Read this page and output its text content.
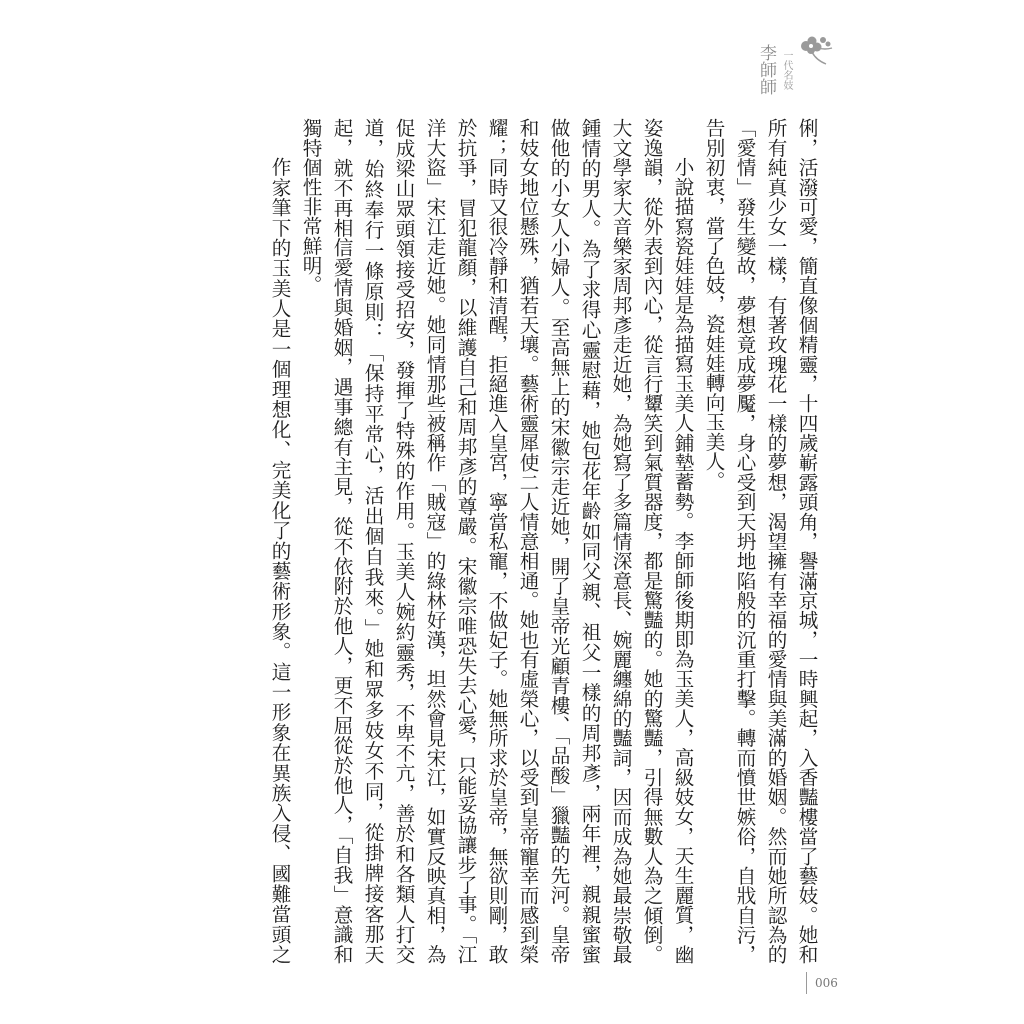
李師師 一代名妓
俐，活潑可愛，簡直像個精靈，十四歲嶄露頭角，譽滿京城，一時興起，入香豔樓當了藝妓。她和
所有純真少女一樣，有著玫瑰花一樣的夢想，渴望擁有幸福的愛情與美滿的婚姻。然而她所認為的
「愛情」發生變故，夢想竟成夢魘，身心受到天坍地陷般的沉重打擊。轉而憤世嫉俗，自戕自污，
告別初衷，當了色妓，瓷娃娃轉向玉美人。
小說描寫瓷娃娃是為描寫玉美人鋪墊蓄勢。李師師後期即為玉美人，高級妓女，天生麗質，幽
姿逸韻，從外表到內心，從言行顰笑到氣質器度，都是驚豔的。她的驚豔，引得無數人為之傾倒。
大文學家大音樂家周邦彥走近她，為她寫了多篇情深意長、婉麗纏綿的豔詞，因而成為她最崇敬最
鍾情的男人。為了求得心靈慰藉，她包花年齡如同父親、祖父一樣的周邦彥，兩年裡，親親蜜蜜
做他的小女人小婦人。至高無上的宋徽宗走近她，開了皇帝光顧青樓、「品酸」獵豔的先河。皇帝
和妓女地位懸殊，猶若天壤。藝術靈犀使二人情意相通。她也有虛榮心，以受到皇帝寵幸而感到榮
耀；同時又很冷靜和清醒，拒絕進入皇宮，寧當私寵，不做妃子。她無所求於皇帝，無欲則剛，敢
於抗爭，冒犯龍顏，以維護自己和周邦彥的尊嚴。宋徽宗唯恐失去心愛，只能妥協讓步了事。「江
洋大盜」宋江走近她。她同情那些被稱作「賊寇」的綠林好漢，坦然會見宋江，如實反映真相，為
促成梁山眾頭領接受招安，發揮了特殊的作用。玉美人婉約靈秀，不卑不亢，善於和各類人打交
道，始終奉行一條原則：「保持平常心，活出個自我來。」她和眾多妓女不同，從掛牌接客那天
起，就不再相信愛情與婚姻，遇事總有主見，從不依附於他人，更不屈從於他人，「自我」意識和
獨特個性非常鮮明。
作家筆下的玉美人是一個理想化、完美化了的藝術形象。這一形象在異族入侵、國難當頭之
006
